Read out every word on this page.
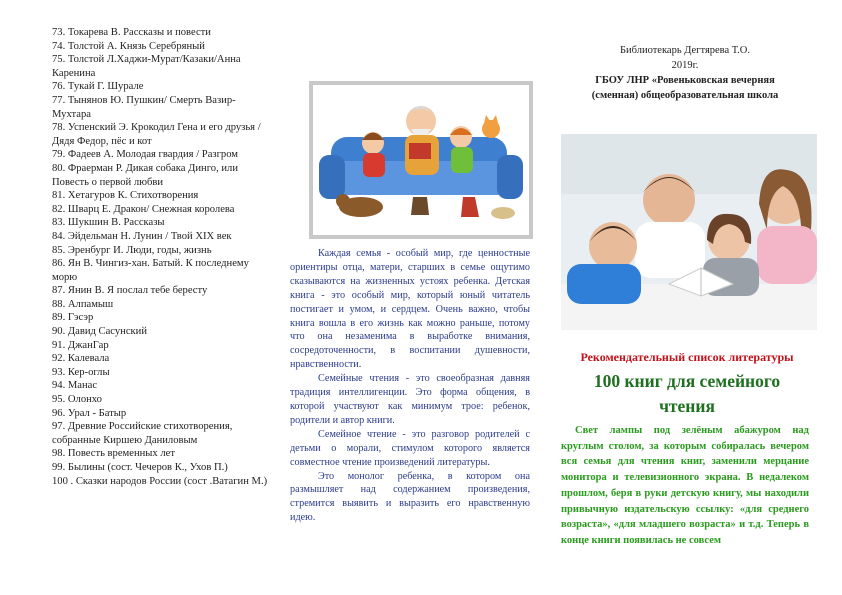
73. Токарева В. Рассказы и повести
74. Толстой А. Князь Серебряный
75. Толстой Л.Хаджи-Мурат/Казаки/Анна Каренина
76. Тукай Г. Шурале
77. Тынянов Ю. Пушкин/ Смерть Вазир-Мухтара
78. Успенский Э. Крокодил Гена и его друзья / Дядя Федор, пёс и кот
79. Фадеев А. Молодая гвардия / Разгром
80. Фраерман Р. Дикая собака Динго, или Повесть о первой любви
81. Хетагуров К. Стихотворения
82. Шварц Е. Дракон/ Снежная королева
83. Шукшин В. Рассказы
84. Эйдельман Н. Лунин / Твой XIX век
85. Эренбург И. Люди, годы, жизнь
86. Ян В. Чингиз-хан. Батый. К последнему морю
87. Янин В. Я послал тебе бересту
88. Алпамыш
89. Гэсэр
90. Давид Сасунский
91. ДжанГар
92. Калевала
93. Кер-оглы
94. Манас
95. Олонхо
96. Урал - Батыр
97. Древние Российские стихотворения, собранные Киршею Даниловым
98. Повесть временных лет
99. Былины (сост. Чечеров К., Ухов П.)
100 . Сказки народов России (сост .Ватагин М.)

Каждая семья - особый мир, где ценностные ориентиры отца, матери, старших в семье ощутимо сказываются на жизненных устоях ребенка. Детская книга - это особый мир, который юный читатель постигает и умом, и сердцем. Очень важно, чтобы книга вошла в его жизнь как можно раньше, потому что она незаменима в выработке внимания, сосредоточенности, в воспитании душевности, нравственности.

Семейные чтения - это своеобразная давняя традиция интеллигенции. Это форма общения, в которой участвуют как минимум трое: ребенок, родители и автор книги.

Семейное чтение - это разговор родителей с детьми о морали, стимулом которого является совместное чтение произведений литературы.

Это монолог ребенка, в котором она размышляет над содержанием произведения, стремится выявить и выразить его нравственную идею.

Библиотекарь Дегтярева Т.О.
2019г.
ГБОУ ЛНР «Ровеньковская вечерняя
(сменная) общеобразовательная школа
Рекомендательный список литературы
100 книг для семейного
чтения

Свет лампы под зелёным абажуром над круглым столом, за которым собиралась вечером вся семья для чтения книг, заменили мерцание монитора и телевизионного экрана. В недалеком прошлом, беря в руки детскую книгу, мы находили привычную издательскую ссылку: «для среднего возраста», «для младшего возраста» и т.д. Теперь в конце книги появилась не совсем
